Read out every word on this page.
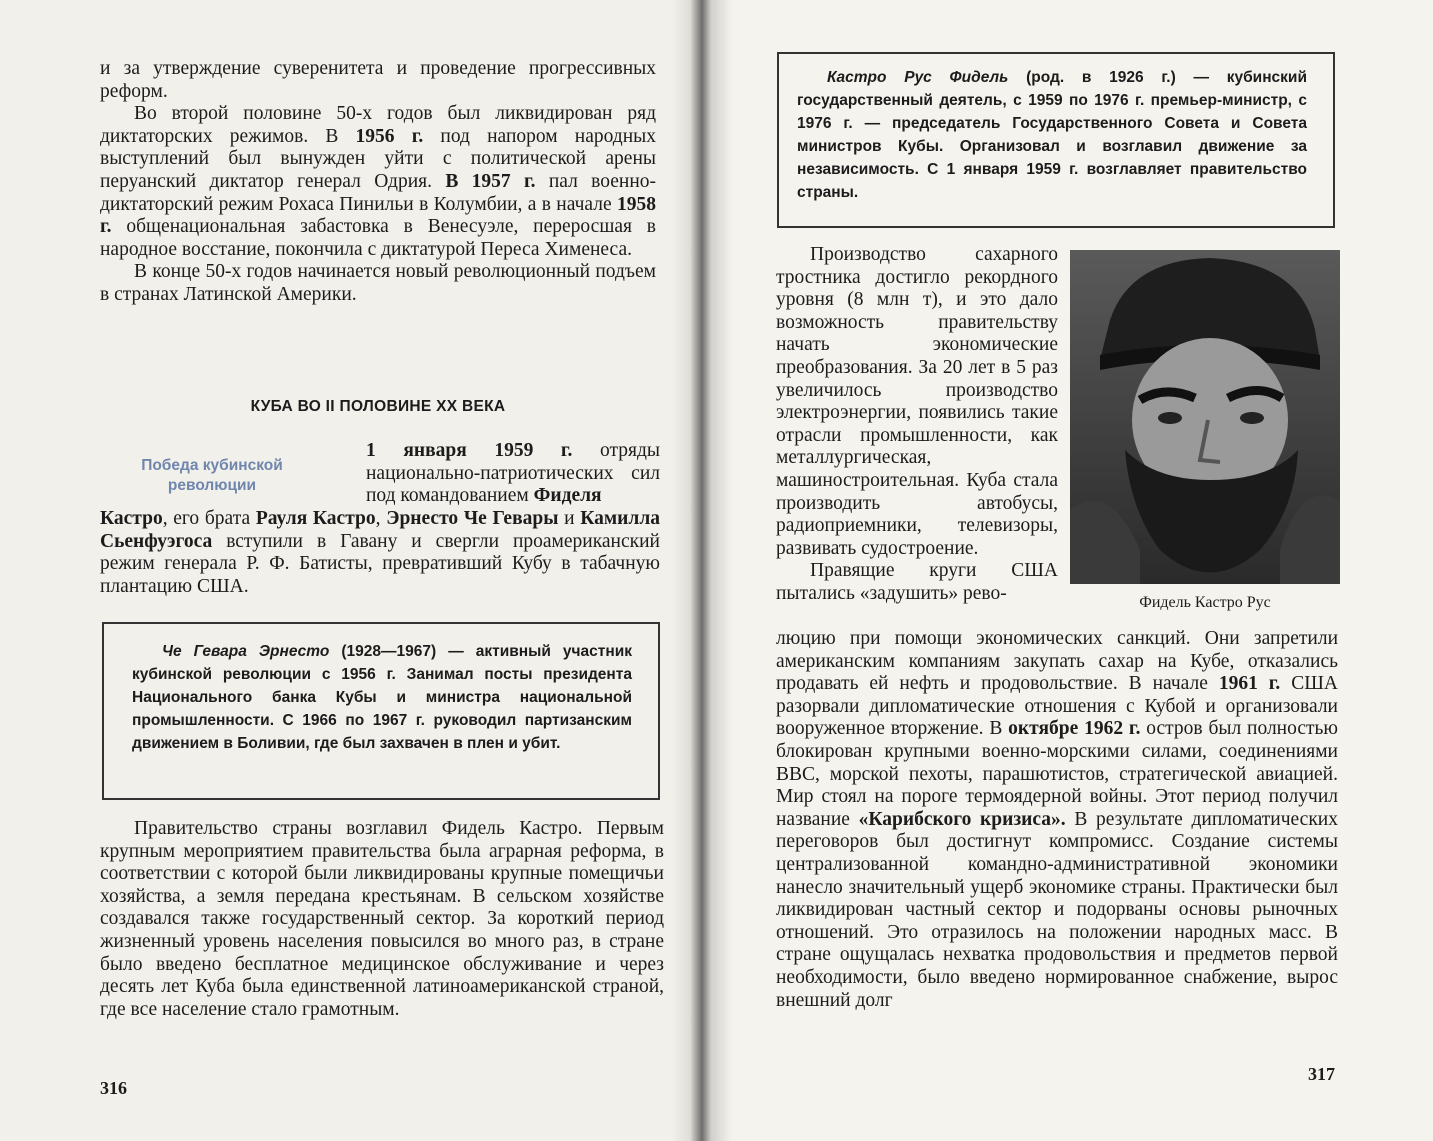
и за утверждение суверенитета и проведение прогрессивных реформ.

Во второй половине 50-х годов был ликвидирован ряд диктаторских режимов. В 1956 г. под напором народных выступлений был вынужден уйти с политической арены перуанский диктатор генерал Одрия. В 1957 г. пал военно-диктаторский режим Рохаса Пинильи в Колумбии, а в начале 1958 г. общенациональная забастовка в Венесуэле, переросшая в народное восстание, покончила с диктатурой Переса Хименеса.

В конце 50-х годов начинается новый революционный подъем в странах Латинской Америки.

КУБА ВО II ПОЛОВИНЕ XX ВЕКА
Победа кубинской революции

1 января 1959 г. отряды национально-патриотических сил под командованием Фиделя

Кастро, его брата Рауля Кастро, Эрнесто Че Гевары и Камилла Сьенфуэгоса вступили в Гавану и свергли проамериканский режим генерала Р. Ф. Батисты, превративший Кубу в табачную плантацию США.

Че Гевара Эрнесто (1928—1967) — активный участник кубинской революции с 1956 г. Занимал посты президента Национального банка Кубы и министра национальной промышленности. С 1966 по 1967 г. руководил партизанским движением в Боливии, где был захвачен в плен и убит.

Правительство страны возглавил Фидель Кастро. Первым крупным мероприятием правительства была аграрная реформа, в соответствии с которой были ликвидированы крупные помещичьи хозяйства, а земля передана крестьянам. В сельском хозяйстве создавался также государственный сектор. За короткий период жизненный уровень населения повысился во много раз, в стране было введено бесплатное медицинское обслуживание и через десять лет Куба была единственной латиноамериканской страной, где все население стало грамотным.

316

Кастро Рус Фидель (род. в 1926 г.) — кубинский государственный деятель, с 1959 по 1976 г. премьер-министр, с 1976 г. — председатель Государственного Совета и Совета министров Кубы. Организовал и возглавил движение за независимость. С 1 января 1959 г. возглавляет правительство страны.

Производство сахарного тростника достигло рекордного уровня (8 млн т), и это дало возможность правительству начать экономические преобразования. За 20 лет в 5 раз увеличилось производство электроэнергии, появились такие отрасли промышленности, как металлургическая, машиностроительная. Куба стала производить автобусы, радиоприемники, телевизоры, развивать судостроение.

Правящие круги США пытались «задушить» рево-	Фидель Кастро Рус

люцию при помощи экономических санкций. Они запретили американским компаниям закупать сахар на Кубе, отказались продавать ей нефть и продовольствие. В начале 1961 г. США разорвали дипломатические отношения с Кубой и организовали вооруженное вторжение. В октябре 1962 г. остров был полностью блокирован крупными военно-морскими силами, соединениями ВВС, морской пехоты, парашютистов, стратегической авиацией. Мир стоял на пороге термоядерной войны. Этот период получил название «Карибского кризиса». В результате дипломатических переговоров был достигнут компромисс. Создание системы централизованной командно-административной экономики нанесло значительный ущерб экономике страны. Практически был ликвидирован частный сектор и подорваны основы рыночных отношений. Это отразилось на положении народных масс. В стране ощущалась нехватка продовольствия и предметов первой необходимости, было введено нормированное снабжение, вырос внешний долг

317
